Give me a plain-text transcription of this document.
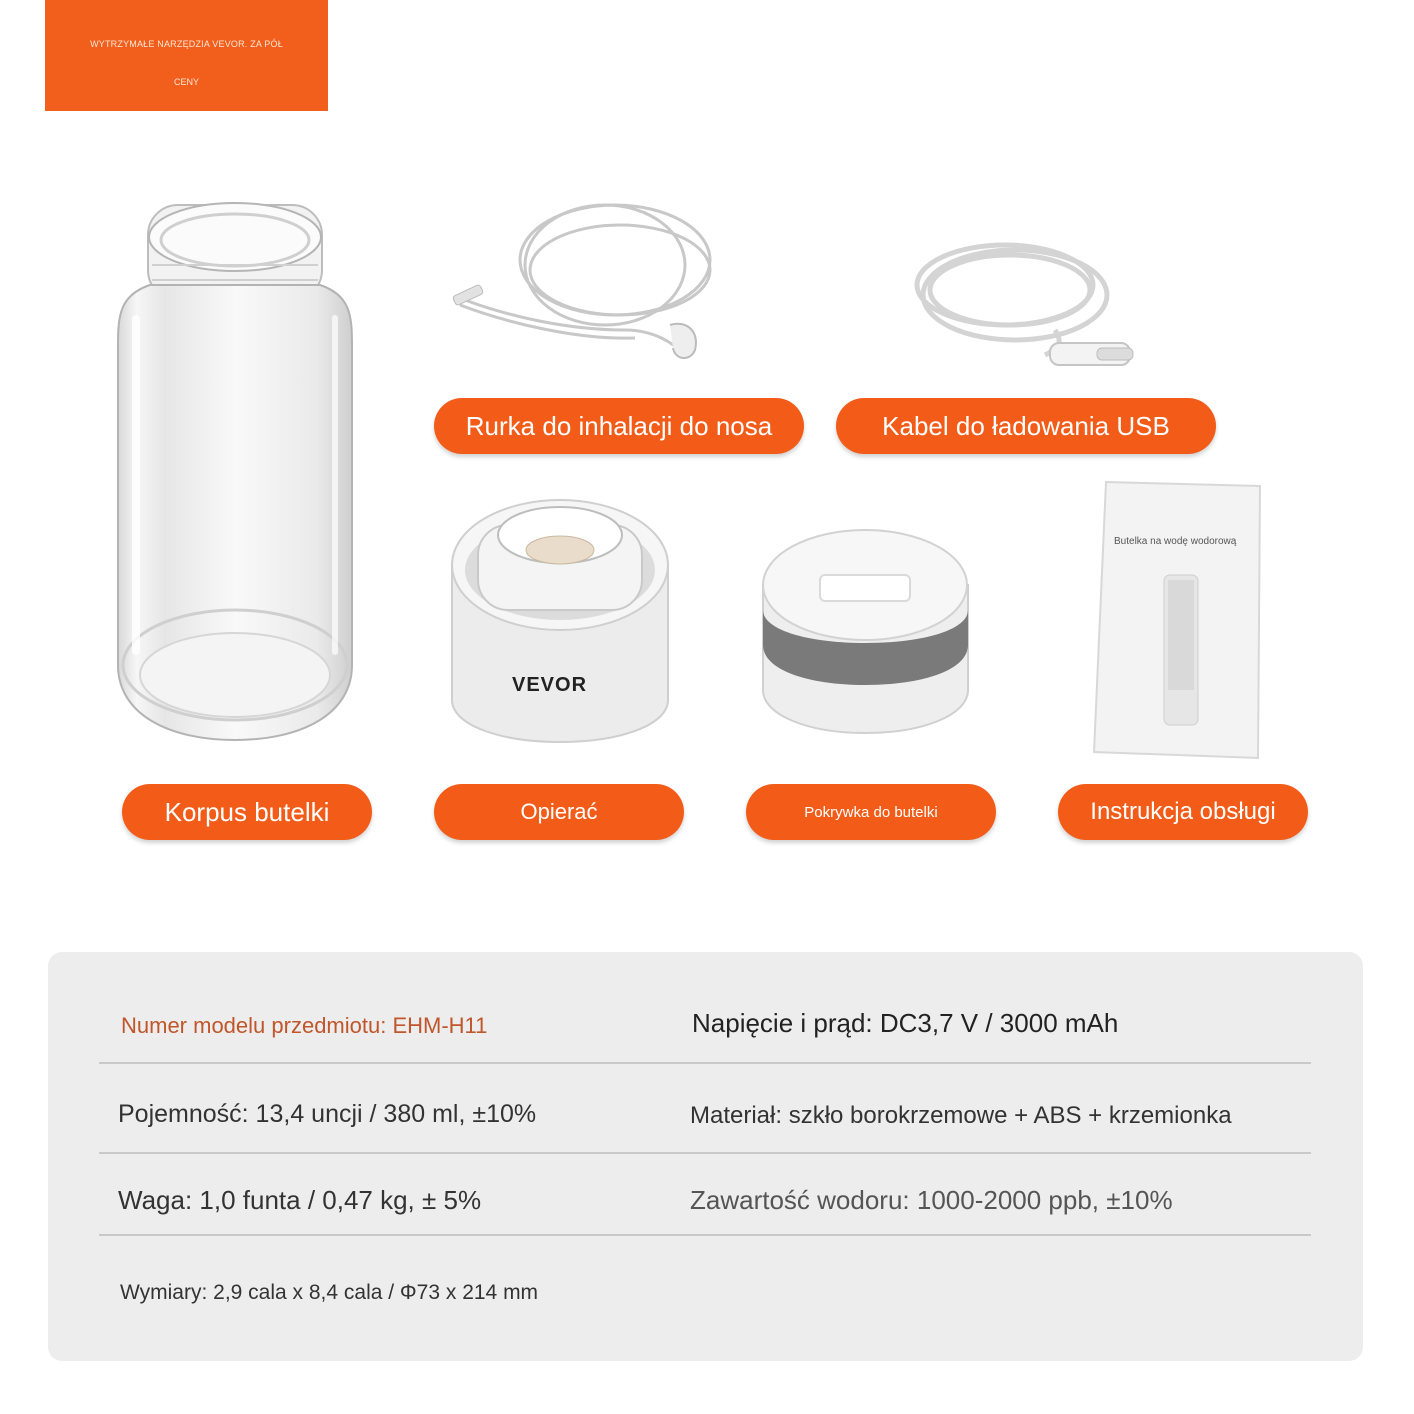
WYTRZYMAŁE NARZĘDZIA VEVOR. ZA PÓŁ
CENY
Rurka do inhalacji do nosa	Kabel do ładowania USB
VEVOR
Butelka na wodę wodorową
Korpus butelki	Opierać	Pokrywka do butelki	Instrukcja obsługi
Numer modelu przedmiotu: EHM-H11	Napięcie i prąd: DC3,7 V / 3000 mAh
Pojemność: 13,4 uncji / 380 ml, ±10%	Materiał: szkło borokrzemowe + ABS + krzemionka
Waga: 1,0 funta / 0,47 kg, ± 5%	Zawartość wodoru: 1000-2000 ppb, ±10%
Wymiary: 2,9 cala x 8,4 cala / Φ73 x 214 mm
